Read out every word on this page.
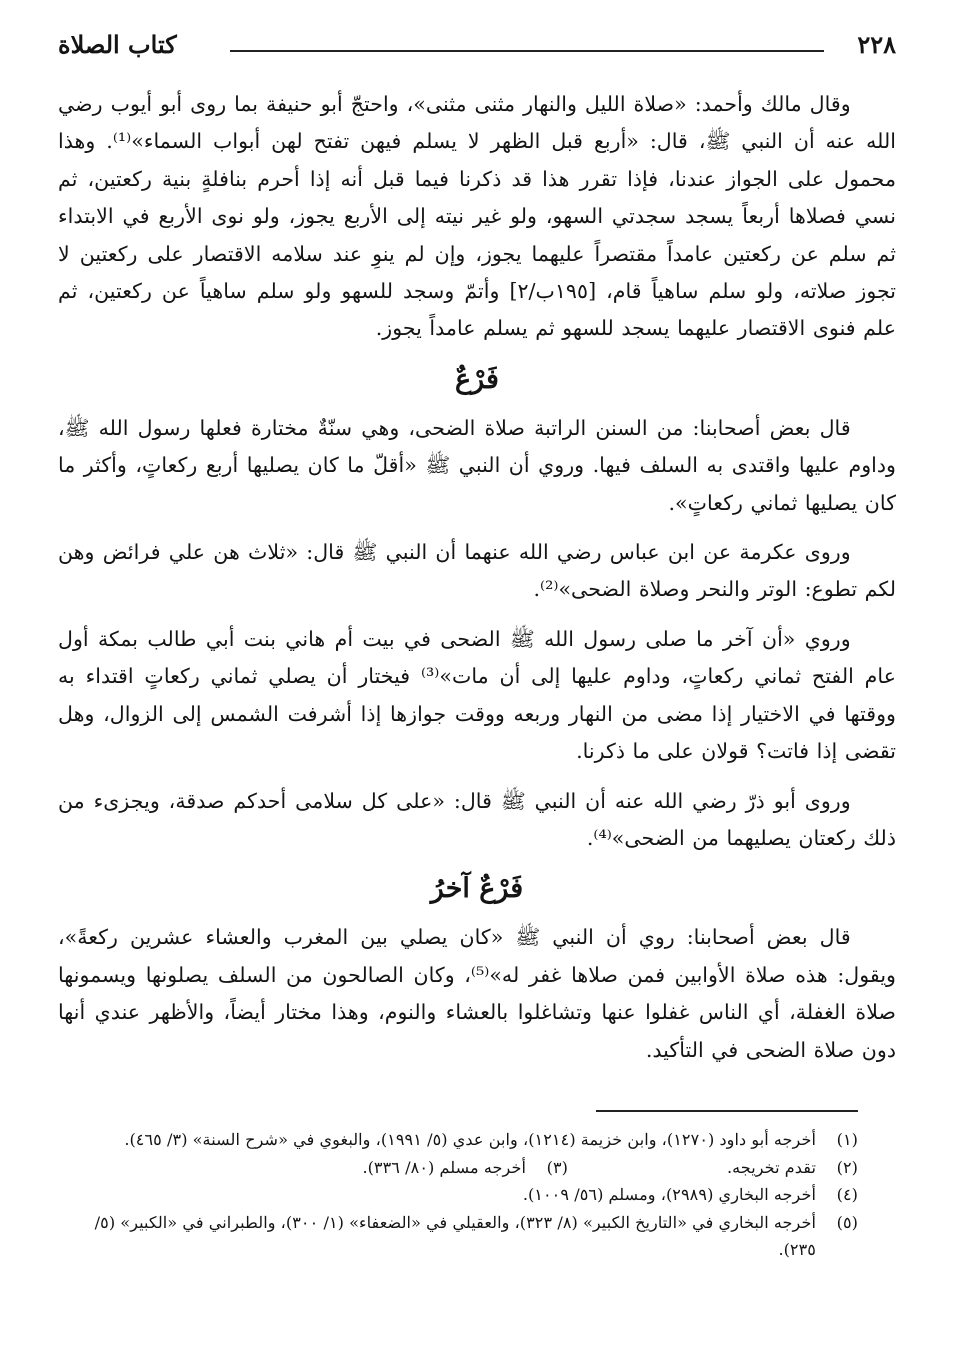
٢٢٨
كتاب الصلاة

وقال مالك وأحمد: «صلاة الليل والنهار مثنى مثنى»، واحتجّ أبو حنيفة بما روى أبو أيوب رضي الله عنه أن النبي ﷺ، قال: «أربع قبل الظهر لا يسلم فيهن تفتح لهن أبواب السماء»⁽¹⁾. وهذا محمول على الجواز عندنا، فإذا تقرر هذا قد ذكرنا فيما قبل أنه إذا أحرم بنافلةٍ بنية ركعتين، ثم نسي فصلاها أربعاً يسجد سجدتي السهو، ولو غير نيته إلى الأربع يجوز، ولو نوى الأربع في الابتداء ثم سلم عن ركعتين عامداً مقتصراً عليهما يجوز، وإن لم ينوِ عند سلامه الاقتصار على ركعتين لا تجوز صلاته، ولو سلم ساهياً قام، [١٩٥ب/٢] وأتمّ وسجد للسهو ولو سلم ساهياً عن ركعتين، ثم علم فنوى الاقتصار عليهما يسجد للسهو ثم يسلم عامداً يجوز.

فَرْعٌ

قال بعض أصحابنا: من السنن الراتبة صلاة الضحى، وهي سنّةٌ مختارة فعلها رسول الله ﷺ، وداوم عليها واقتدى به السلف فيها. وروي أن النبي ﷺ «أقلّ ما كان يصليها أربع ركعاتٍ، وأكثر ما كان يصليها ثماني ركعاتٍ».

وروى عكرمة عن ابن عباس رضي الله عنهما أن النبي ﷺ قال: «ثلاث هن علي فرائض وهن لكم تطوع: الوتر والنحر وصلاة الضحى»⁽²⁾.

وروي «أن آخر ما صلى رسول الله ﷺ الضحى في بيت أم هاني بنت أبي طالب بمكة أول عام الفتح ثماني ركعاتٍ، وداوم عليها إلى أن مات»⁽³⁾ فيختار أن يصلي ثماني ركعاتٍ اقتداء به ووقتها في الاختيار إذا مضى من النهار وربعه ووقت جوازها إذا أشرفت الشمس إلى الزوال، وهل تقضى إذا فاتت؟ قولان على ما ذكرنا.

وروى أبو ذرّ رضي الله عنه أن النبي ﷺ قال: «على كل سلامى أحدكم صدقة، ويجزىء من ذلك ركعتان يصليهما من الضحى»⁽⁴⁾.

فَرْعٌ آخرُ

قال بعض أصحابنا: روي أن النبي ﷺ «كان يصلي بين المغرب والعشاء عشرين ركعةً»، ويقول: هذه صلاة الأوابين فمن صلاها غفر له»⁽⁵⁾، وكان الصالحون من السلف يصلونها ويسمونها صلاة الغفلة، أي الناس غفلوا عنها وتشاغلوا بالعشاء والنوم، وهذا مختار أيضاً، والأظهر عندي أنها دون صلاة الضحى في التأكيد.

(١)
أخرجه أبو داود (١٢٧٠)، وابن خزيمة (١٢١٤)، وابن عدي (٥/ ١٩٩١)، والبغوي في «شرح السنة» (٣/ ٤٦٥).
(٢)
تقدم تخريجه.
(٣)
أخرجه مسلم (٨٠/ ٣٣٦).
(٤)
أخرجه البخاري (٢٩٨٩)، ومسلم (٥٦/ ١٠٠٩).
(٥)
أخرجه البخاري في «التاريخ الكبير» (٨/ ٣٢٣)، والعقيلي في «الضعفاء» (١/ ٣٠٠)، والطبراني في «الكبير» (٥/ ٢٣٥).
